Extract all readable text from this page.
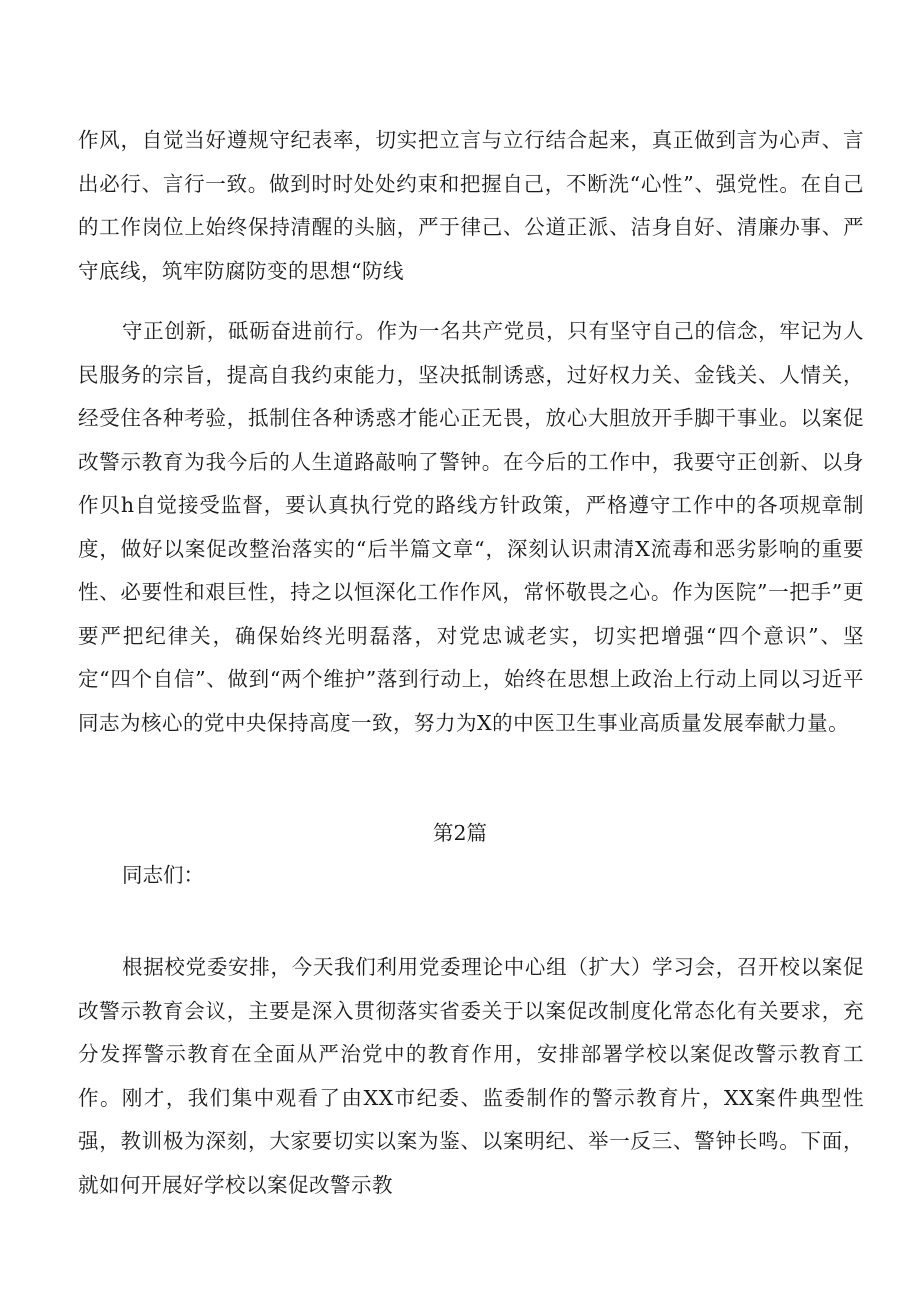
作风，自觉当好遵规守纪表率，切实把立言与立行结合起来，真正做到言为心声、言出必行、言行一致。做到时时处处约束和把握自己，不断洗“心性”、强党性。在自己的工作岗位上始终保持清醒的头脑，严于律己、公道正派、洁身自好、清廉办事、严守底线，筑牢防腐防变的思想“防线

守正创新，砥砺奋进前行。作为一名共产党员，只有坚守自己的信念，牢记为人民服务的宗旨，提高自我约束能力，坚决抵制诱惑，过好权力关、金钱关、人情关，经受住各种考验，抵制住各种诱惑才能心正无畏，放心大胆放开手脚干事业。以案促改警示教育为我今后的人生道路敲响了警钟。在今后的工作中，我要守正创新、以身作贝h自觉接受监督，要认真执行党的路线方针政策，严格遵守工作中的各项规章制度，做好以案促改整治落实的“后半篇文章“，深刻认识肃清X流毒和恶劣影响的重要性、必要性和艰巨性，持之以恒深化工作作风，常怀敬畏之心。作为医院”一把手”更要严把纪律关，确保始终光明磊落，对党忠诚老实，切实把增强“四个意识”、坚定“四个自信”、做到“两个维护”落到行动上，始终在思想上政治上行动上同以习近平同志为核心的党中央保持高度一致，努力为X的中医卫生事业高质量发展奉献力量。

第2篇

同志们：

根据校党委安排，今天我们利用党委理论中心组（扩大）学习会，召开校以案促改警示教育会议，主要是深入贯彻落实省委关于以案促改制度化常态化有关要求，充分发挥警示教育在全面从严治党中的教育作用，安排部署学校以案促改警示教育工作。刚才，我们集中观看了由XX市纪委、监委制作的警示教育片，XX案件典型性强，教训极为深刻，大家要切实以案为鉴、以案明纪、举一反三、警钟长鸣。下面，就如何开展好学校以案促改警示教
